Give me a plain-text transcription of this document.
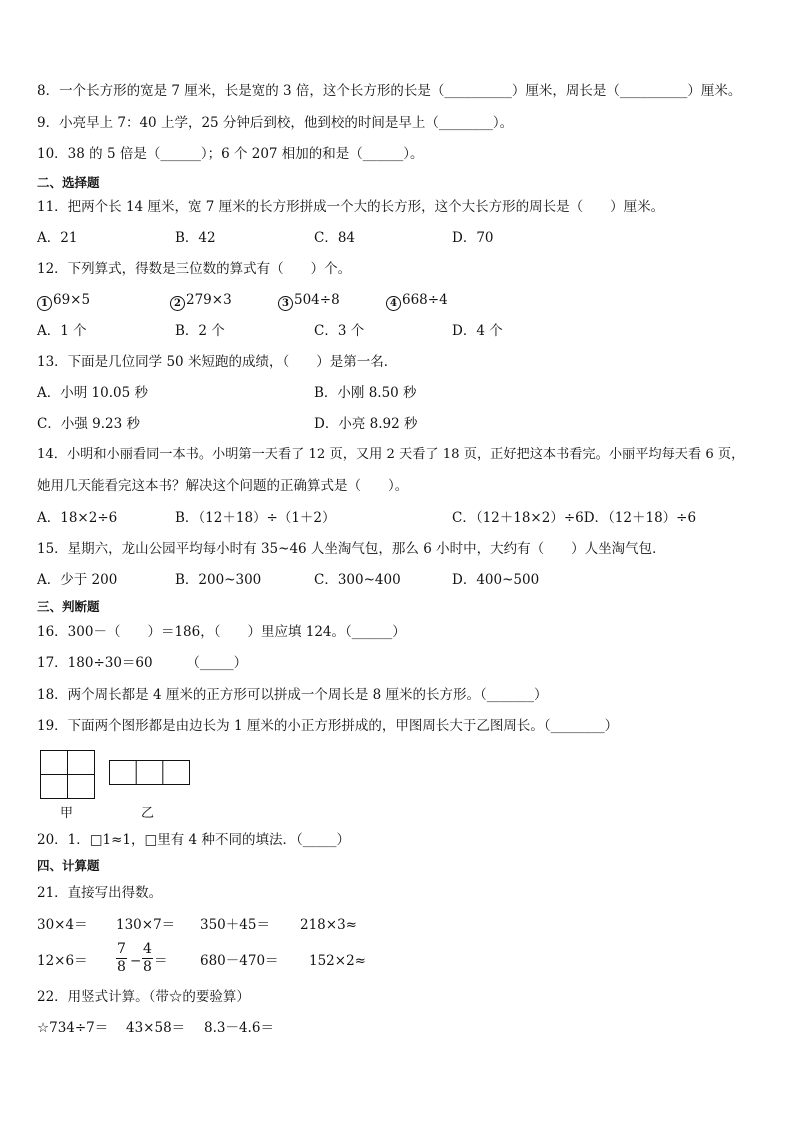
8．一个长方形的宽是 7 厘米，长是宽的 3 倍，这个长方形的长是（__________）厘米，周长是（__________）厘米。
9．小亮早上 7：40 上学，25 分钟后到校，他到校的时间是早上（________）。
10．38 的 5 倍是（______）；6 个 207 相加的和是（______）。
二、选择题
11．把两个长 14 厘米，宽 7 厘米的长方形拼成一个大的长方形，这个大长方形的周长是（　　）厘米。
A．21	B．42	C．84	D．70
12．下列算式，得数是三位数的算式有（　　）个。
1 69×5	2 279×3	3 504÷8	4 668÷4
A．1 个	B．2 个	C．3 个	D．4 个
13．下面是几位同学 50 米短跑的成绩，（　　）是第一名．
A．小明 10.05 秒	B．小刚 8.50 秒
C．小强 9.23 秒	D．小亮 8.92 秒
14．小明和小丽看同一本书。小明第一天看了 12 页，又用 2 天看了 18 页，正好把这本书看完。小丽平均每天看 6 页，
她用几天能看完这本书？解决这个问题的正确算式是（　　）。
A．18×2÷6	B．（12＋18）÷（1＋2）	C．（12＋18×2）÷6D．（12＋18）÷6
15．星期六，龙山公园平均每小时有 35~46 人坐淘气包，那么 6 小时中，大约有（　　）人坐淘气包．
A．少于 200	B．200~300	C．300~400	D．400~500
三、判断题
16．300－（　　）＝186，（　　）里应填 124。（______）
17．180÷30＝60　　　（_____）
18．两个周长都是 4 厘米的正方形可以拼成一个周长是 8 厘米的长方形。（_______）
19．下面两个图形都是由边长为 1 厘米的小正方形拼成的，甲图周长大于乙图周长。（________）
甲	乙
20．1．□1≈1，□里有 4 种不同的填法．（_____）
四、计算题
21．直接写出得数。
30×4＝ 130×7＝ 350＋45＝ 218×3≈
12×6＝
7
8 −
4
8 ＝ 680－470＝ 152×2≈
22．用竖式计算。（带☆的要验算）
☆734÷7＝ 43×58＝ 8.3－4.6＝
